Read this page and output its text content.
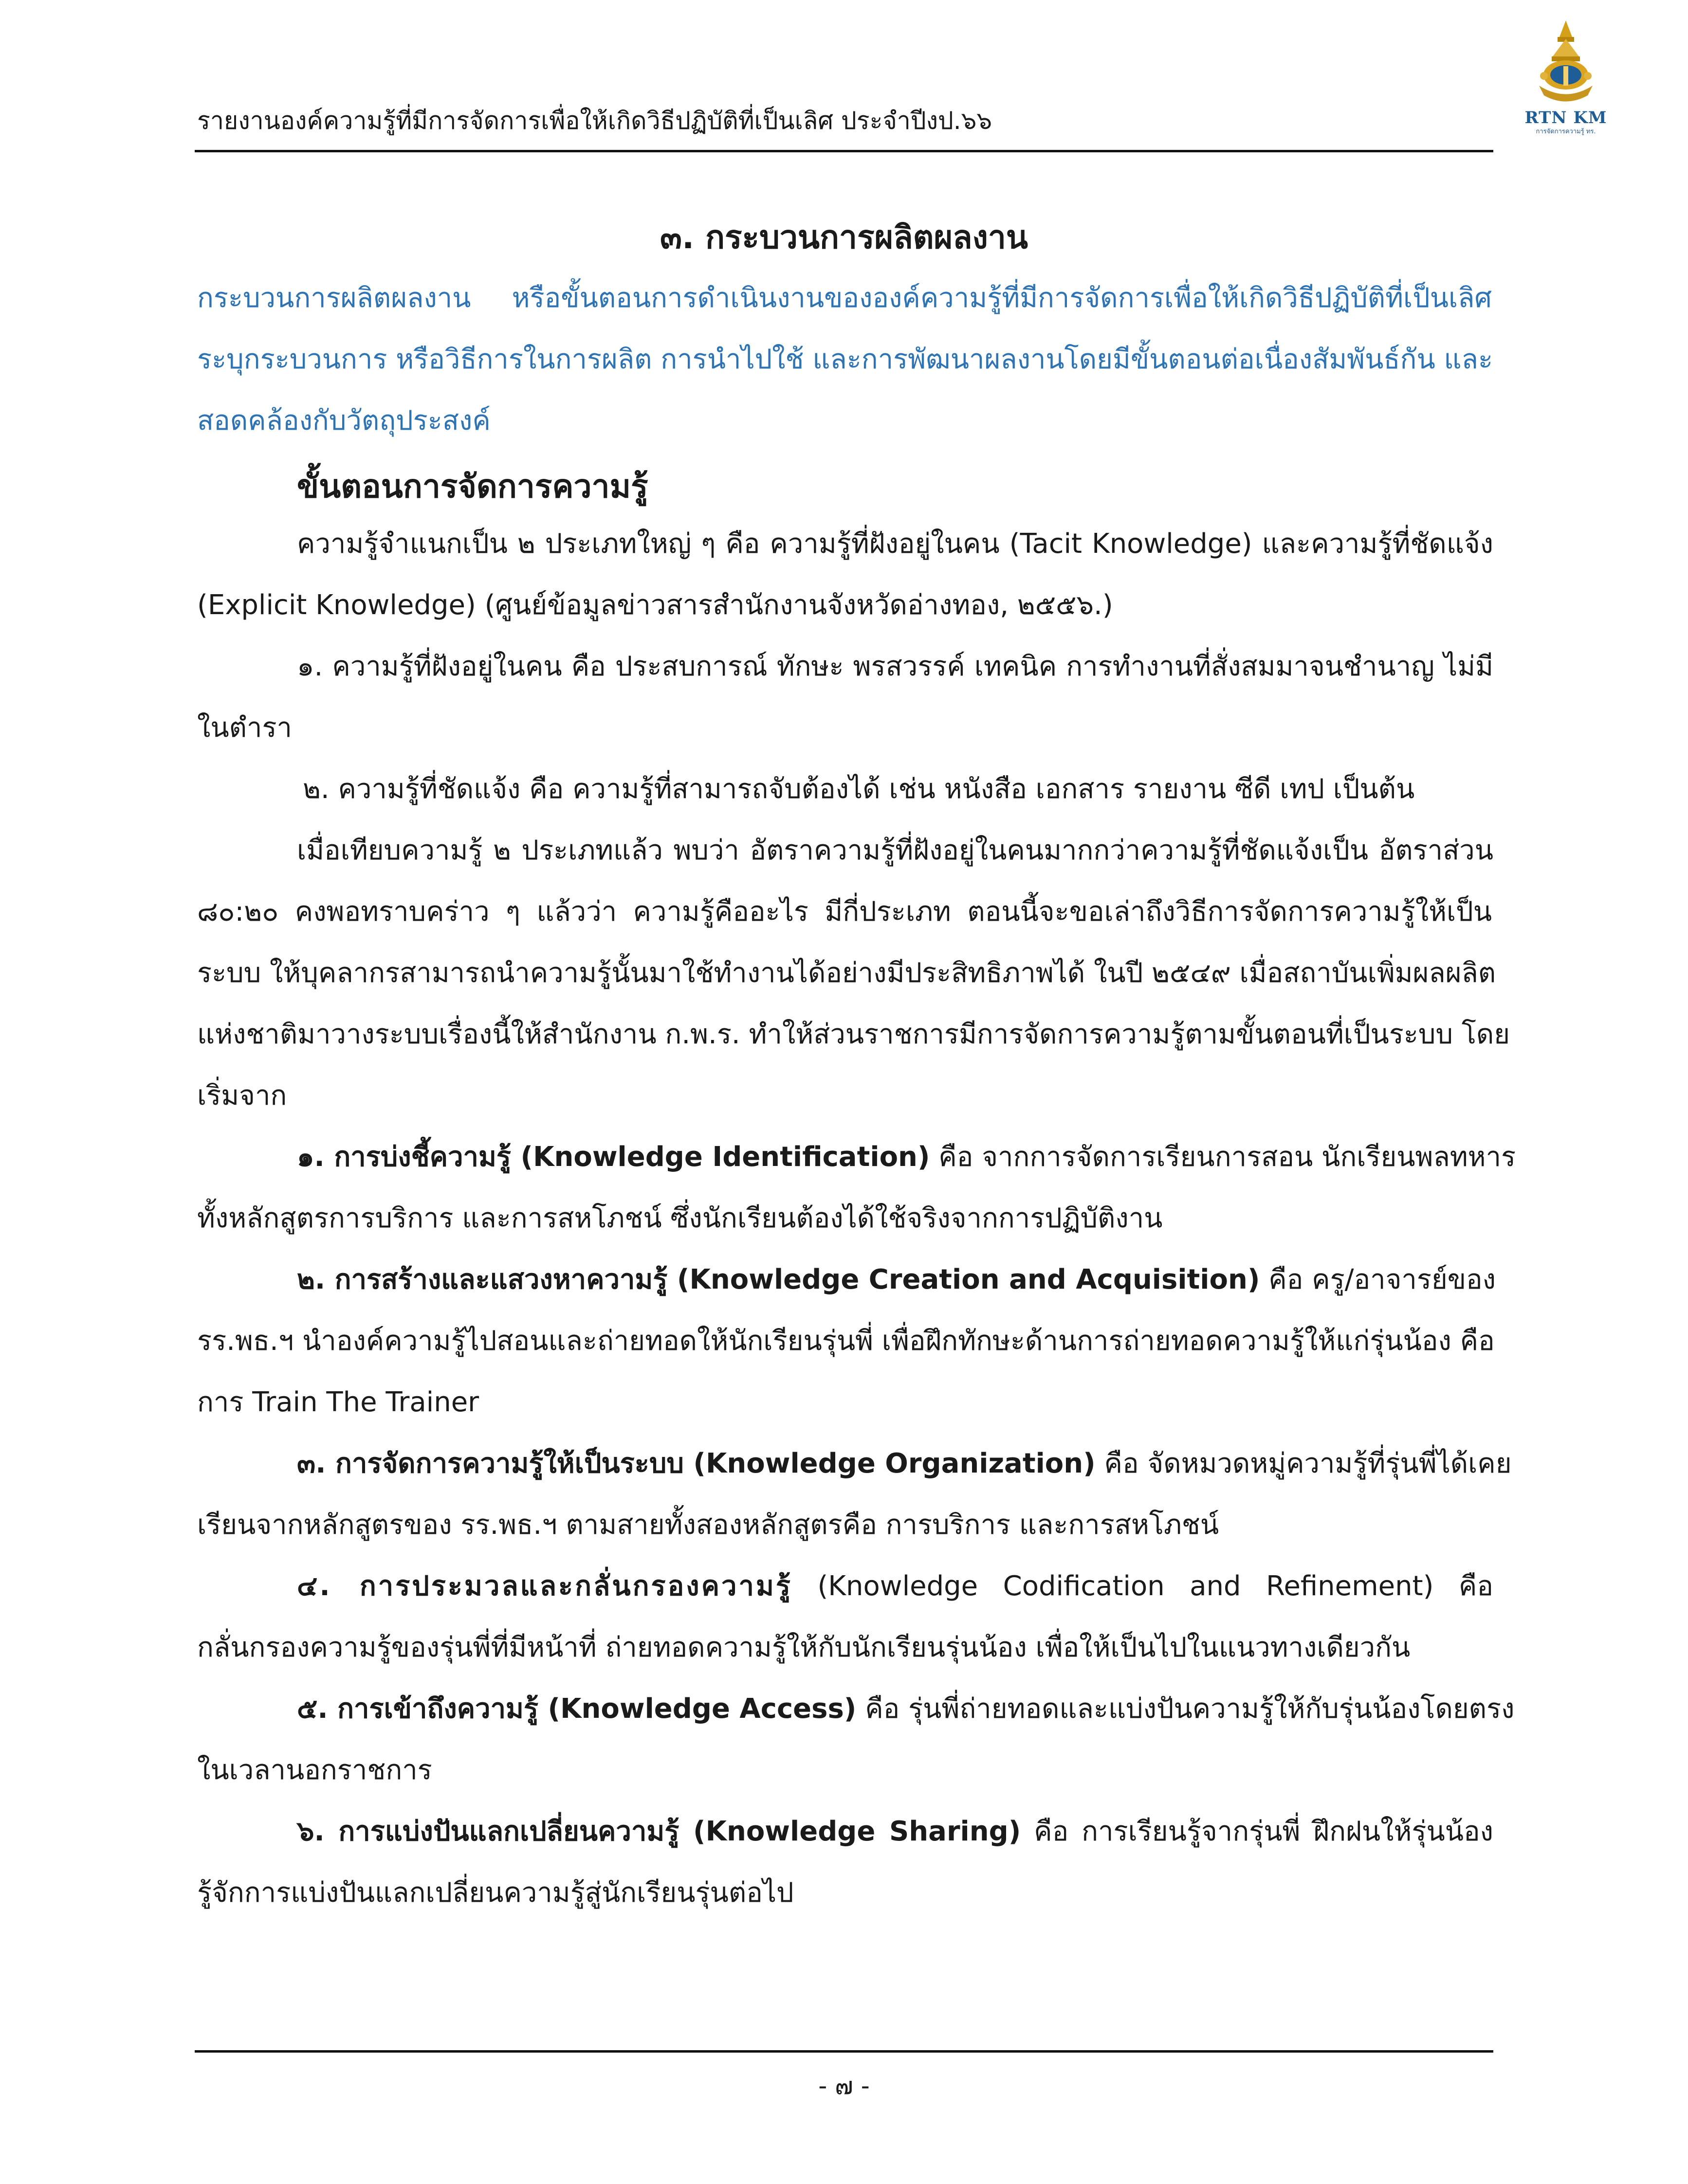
รายงานองค์ความรู้ที่มีการจัดการเพื่อให้เกิดวิธีปฏิบัติที่เป็นเลิศ ประจำปีงป.๖๖	RTN KM
การจัดการความรู้ ทร.
๓. กระบวนการผลิตผลงาน
กระบวนการผลิตผลงาน หรือขั้นตอนการดำเนินงานขององค์ความรู้ที่มีการจัดการเพื่อให้เกิดวิธีปฏิบัติที่เป็นเลิศ
ระบุกระบวนการ หรือวิธีการในการผลิต การนำไปใช้ และการพัฒนาผลงานโดยมีขั้นตอนต่อเนื่องสัมพันธ์กัน และ
สอดคล้องกับวัตถุประสงค์
ขั้นตอนการจัดการความรู้
ความรู้จำแนกเป็น ๒ ประเภทใหญ่ ๆ คือ ความรู้ที่ฝังอยู่ในคน (Tacit Knowledge) และความรู้ที่ชัดแจ้ง
(Explicit Knowledge) (ศูนย์ข้อมูลข่าวสารสำนักงานจังหวัดอ่างทอง, ๒๕๕๖.)
๑. ความรู้ที่ฝังอยู่ในคน คือ ประสบการณ์ ทักษะ พรสวรรค์ เทคนิค การทำงานที่สั่งสมมาจนชำนาญ ไม่มี
ในตำรา
๒. ความรู้ที่ชัดแจ้ง คือ ความรู้ที่สามารถจับต้องได้ เช่น หนังสือ เอกสาร รายงาน ซีดี เทป เป็นต้น
เมื่อเทียบความรู้ ๒ ประเภทแล้ว พบว่า อัตราความรู้ที่ฝังอยู่ในคนมากกว่าความรู้ที่ชัดแจ้งเป็น อัตราส่วน
๘๐:๒๐ คงพอทราบคร่าว ๆ แล้วว่า ความรู้คืออะไร มีกี่ประเภท ตอนนี้จะขอเล่าถึงวิธีการจัดการความรู้ให้เป็น
ระบบ ให้บุคลากรสามารถนำความรู้นั้นมาใช้ทำงานได้อย่างมีประสิทธิภาพได้ ในปี ๒๕๔๙ เมื่อสถาบันเพิ่มผลผลิต
แห่งชาติมาวางระบบเรื่องนี้ให้สำนักงาน ก.พ.ร. ทำให้ส่วนราชการมีการจัดการความรู้ตามขั้นตอนที่เป็นระบบ โดย
เริ่มจาก
๑. การบ่งชี้ความรู้ (Knowledge Identification) คือ จากการจัดการเรียนการสอน นักเรียนพลทหาร
ทั้งหลักสูตรการบริการ และการสหโภชน์ ซึ่งนักเรียนต้องได้ใช้จริงจากการปฏิบัติงาน
๒. การสร้างและแสวงหาความรู้ (Knowledge Creation and Acquisition) คือ ครู/อาจารย์ของ
รร.พธ.ฯ นำองค์ความรู้ไปสอนและถ่ายทอดให้นักเรียนรุ่นพี่ เพื่อฝึกทักษะด้านการถ่ายทอดความรู้ให้แก่รุ่นน้อง คือ
การ Train The Trainer
๓. การจัดการความรู้ให้เป็นระบบ (Knowledge Organization) คือ จัดหมวดหมู่ความรู้ที่รุ่นพี่ได้เคย
เรียนจากหลักสูตรของ รร.พธ.ฯ ตามสายทั้งสองหลักสูตรคือ การบริการ และการสหโภชน์
๔. การประมวลและกลั่นกรองความรู้ (Knowledge Codification and Refinement) คือ
กลั่นกรองความรู้ของรุ่นพี่ที่มีหน้าที่ ถ่ายทอดความรู้ให้กับนักเรียนรุ่นน้อง เพื่อให้เป็นไปในแนวทางเดียวกัน
๕. การเข้าถึงความรู้ (Knowledge Access) คือ รุ่นพี่ถ่ายทอดและแบ่งปันความรู้ให้กับรุ่นน้องโดยตรง
ในเวลานอกราชการ
๖. การแบ่งปันแลกเปลี่ยนความรู้ (Knowledge Sharing) คือ การเรียนรู้จากรุ่นพี่ ฝึกฝนให้รุ่นน้อง
รู้จักการแบ่งปันแลกเปลี่ยนความรู้สู่นักเรียนรุ่นต่อไป
- ๗ -
